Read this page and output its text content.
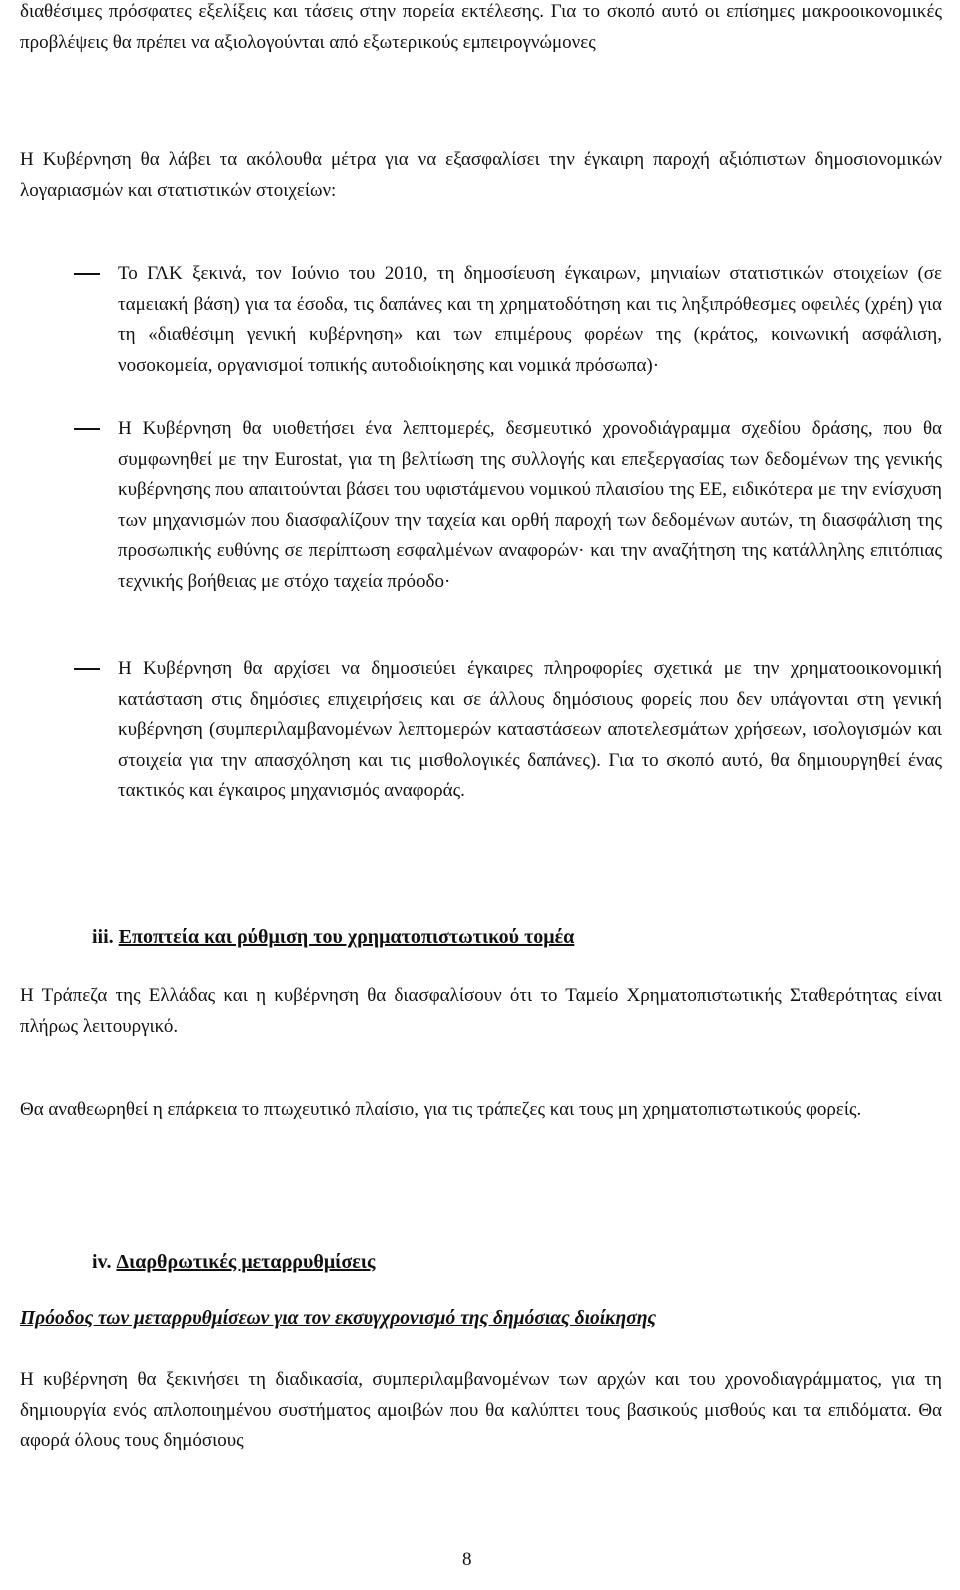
διαθέσιμες πρόσφατες εξελίξεις και τάσεις στην πορεία εκτέλεσης. Για το σκοπό αυτό οι επίσημες μακροοικονομικές προβλέψεις θα πρέπει να αξιολογούνται από εξωτερικούς εμπειρογνώμονες
Η Κυβέρνηση θα λάβει τα ακόλουθα μέτρα για να εξασφαλίσει την έγκαιρη παροχή αξιόπιστων δημοσιονομικών λογαριασμών και στατιστικών στοιχείων:
Το ΓΛΚ ξεκινά, τον Ιούνιο του 2010, τη δημοσίευση έγκαιρων, μηνιαίων στατιστικών στοιχείων (σε ταμειακή βάση) για τα έσοδα, τις δαπάνες και τη χρηματοδότηση και τις ληξιπρόθεσμες οφειλές (χρέη) για τη «διαθέσιμη γενική κυβέρνηση» και των επιμέρους φορέων της (κράτος, κοινωνική ασφάλιση, νοσοκομεία, οργανισμοί τοπικής αυτοδιοίκησης και νομικά πρόσωπα)·
Η Κυβέρνηση θα υιοθετήσει ένα λεπτομερές, δεσμευτικό χρονοδιάγραμμα σχεδίου δράσης, που θα συμφωνηθεί με την Eurostat, για τη βελτίωση της συλλογής και επεξεργασίας των δεδομένων της γενικής κυβέρνησης που απαιτούνται βάσει του υφιστάμενου νομικού πλαισίου της ΕΕ, ειδικότερα με την ενίσχυση των μηχανισμών που διασφαλίζουν την ταχεία και ορθή παροχή των δεδομένων αυτών, τη διασφάλιση της προσωπικής ευθύνης σε περίπτωση εσφαλμένων αναφορών· και την αναζήτηση της κατάλληλης επιτόπιας τεχνικής βοήθειας με στόχο ταχεία πρόοδο·
Η Κυβέρνηση θα αρχίσει να δημοσιεύει έγκαιρες πληροφορίες σχετικά με την χρηματοοικονομική κατάσταση στις δημόσιες επιχειρήσεις και σε άλλους δημόσιους φορείς που δεν υπάγονται στη γενική κυβέρνηση (συμπεριλαμβανομένων λεπτομερών καταστάσεων αποτελεσμάτων χρήσεων, ισολογισμών και στοιχεία για την απασχόληση και τις μισθολογικές δαπάνες). Για το σκοπό αυτό, θα δημιουργηθεί ένας τακτικός και έγκαιρος μηχανισμός αναφοράς.
iii. Εποπτεία και ρύθμιση του χρηματοπιστωτικού τομέα
Η Τράπεζα της Ελλάδας και η κυβέρνηση θα διασφαλίσουν ότι το Ταμείο Χρηματοπιστωτικής Σταθερότητας είναι πλήρως λειτουργικό.
Θα αναθεωρηθεί η επάρκεια το πτωχευτικό πλαίσιο, για τις τράπεζες και τους μη χρηματοπιστωτικούς φορείς.
iv. Διαρθρωτικές μεταρρυθμίσεις
Πρόοδος των μεταρρυθμίσεων για τον εκσυγχρονισμό της δημόσιας διοίκησης
Η κυβέρνηση θα ξεκινήσει τη διαδικασία, συμπεριλαμβανομένων των αρχών και του χρονοδιαγράμματος, για τη δημιουργία ενός απλοποιημένου συστήματος αμοιβών που θα καλύπτει τους βασικούς μισθούς και τα επιδόματα. Θα αφορά όλους τους δημόσιους
8
